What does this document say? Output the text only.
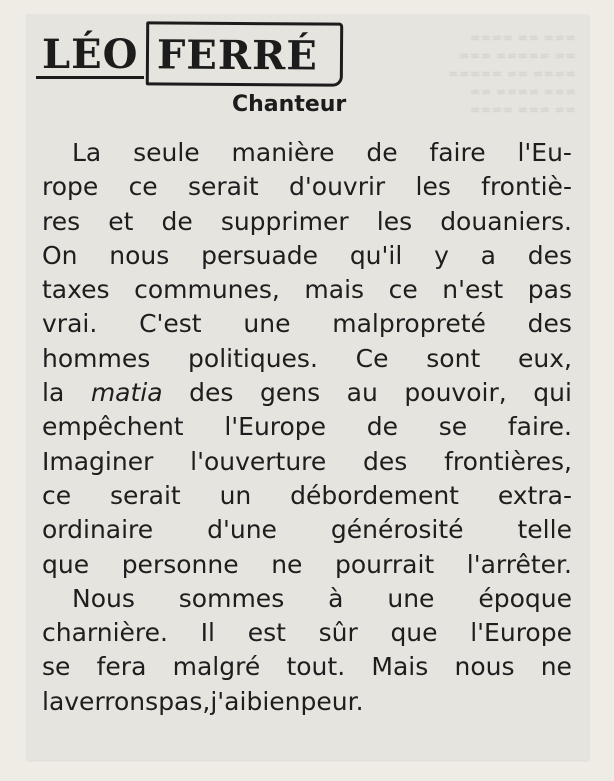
≈≈≈ ≈≈ ≈≈≈≈
≈≈ ≈≈≈≈≈ ≈≈≈
≈≈≈≈ ≈≈ ≈≈≈≈≈
≈≈≈ ≈≈≈≈ ≈≈
≈≈ ≈≈≈ ≈≈≈≈
LÉO FERRÉ
Chanteur
La seule manière de faire l'Eu-
rope ce serait d'ouvrir les frontiè-
res et de supprimer les douaniers.
On nous persuade qu'il y a des
taxes communes, mais ce n'est pas
vrai. C'est une malpropreté des
hommes politiques. Ce sont eux,
la matia des gens au pouvoir, qui
empêchent l'Europe de se faire.
Imaginer l'ouverture des frontières,
ce serait un débordement extra-
ordinaire d'une générosité telle
que personne ne pourrait l'arrêter.
Nous sommes à une époque
charnière. Il est sûr que l'Europe
se fera malgré tout. Mais nous ne
la verrons pas, j'ai bien peur.
